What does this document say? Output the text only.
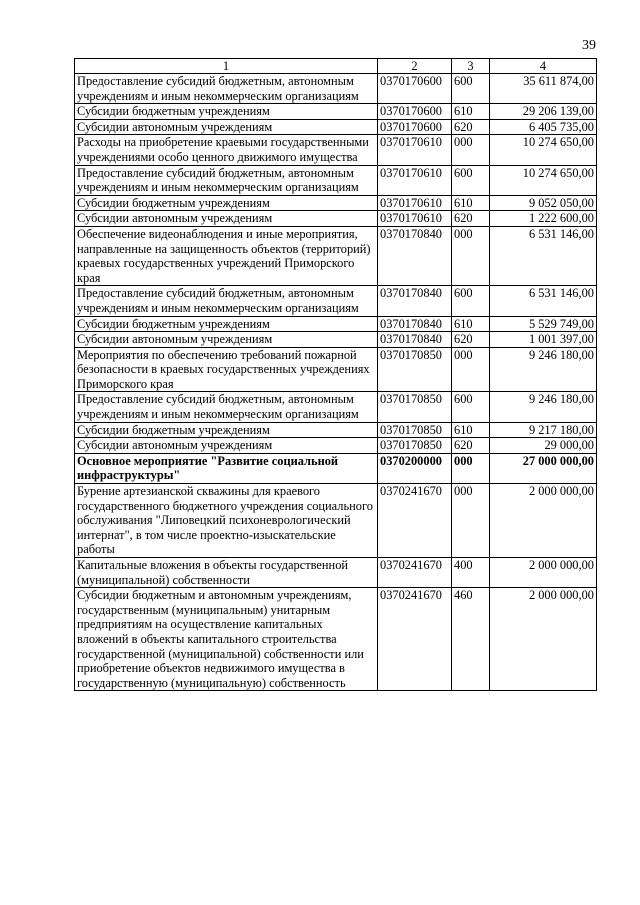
39
1	2	3	4
Предоставление субсидий бюджетным, автономным учреждениям и иным некоммерческим организациям	0370170600	600	35 611 874,00
Субсидии бюджетным учреждениям	0370170600	610	29 206 139,00
Субсидии автономным учреждениям	0370170600	620	6 405 735,00
Расходы на приобретение краевыми государственными учреждениями особо ценного движимого имущества	0370170610	000	10 274 650,00
Предоставление субсидий бюджетным, автономным учреждениям и иным некоммерческим организациям	0370170610	600	10 274 650,00
Субсидии бюджетным учреждениям	0370170610	610	9 052 050,00
Субсидии автономным учреждениям	0370170610	620	1 222 600,00
Обеспечение видеонаблюдения и иные мероприятия, направленные на защищенность объектов (территорий) краевых государственных учреждений Приморского края	0370170840	000	6 531 146,00
Предоставление субсидий бюджетным, автономным учреждениям и иным некоммерческим организациям	0370170840	600	6 531 146,00
Субсидии бюджетным учреждениям	0370170840	610	5 529 749,00
Субсидии автономным учреждениям	0370170840	620	1 001 397,00
Мероприятия по обеспечению требований пожарной безопасности в краевых государственных учреждениях Приморского края	0370170850	000	9 246 180,00
Предоставление субсидий бюджетным, автономным учреждениям и иным некоммерческим организациям	0370170850	600	9 246 180,00
Субсидии бюджетным учреждениям	0370170850	610	9 217 180,00
Субсидии автономным учреждениям	0370170850	620	29 000,00
Основное мероприятие "Развитие социальной инфраструктуры"	0370200000	000	27 000 000,00
Бурение артезианской скважины для краевого государственного бюджетного учреждения социального обслуживания "Липовецкий психоневрологический интернат", в том числе проектно-изыскательские работы	0370241670	000	2 000 000,00
Капитальные вложения в объекты государственной (муниципальной) собственности	0370241670	400	2 000 000,00
Субсидии бюджетным и автономным учреждениям, государственным (муниципальным) унитарным предприятиям на осуществление капитальных вложений в объекты капитального строительства государственной (муниципальной) собственности или приобретение объектов недвижимого имущества в государственную (муниципальную) собственность	0370241670	460	2 000 000,00
